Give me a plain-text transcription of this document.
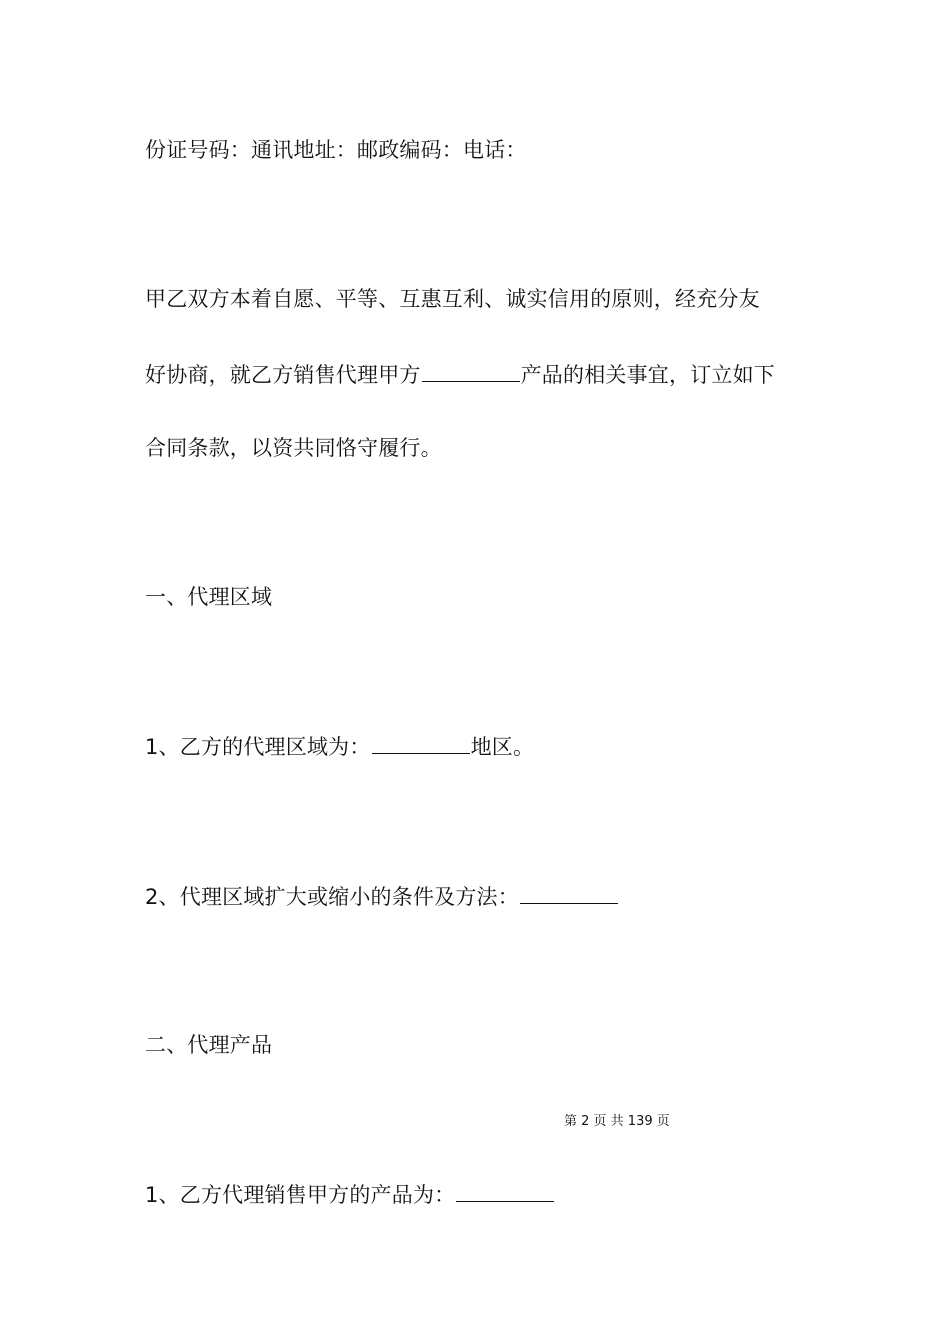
份证号码：通讯地址：邮政编码：电话：
甲乙双方本着自愿、平等、互惠互利、诚实信用的原则，经充分友
好协商，就乙方销售代理甲方	产品的相关事宜，订立如下
合同条款，以资共同恪守履行。
一、代理区域
1、乙方的代理区域为：	地区。
2、代理区域扩大或缩小的条件及方法：
二、代理产品
第 2 页 共 139 页
1、乙方代理销售甲方的产品为：
